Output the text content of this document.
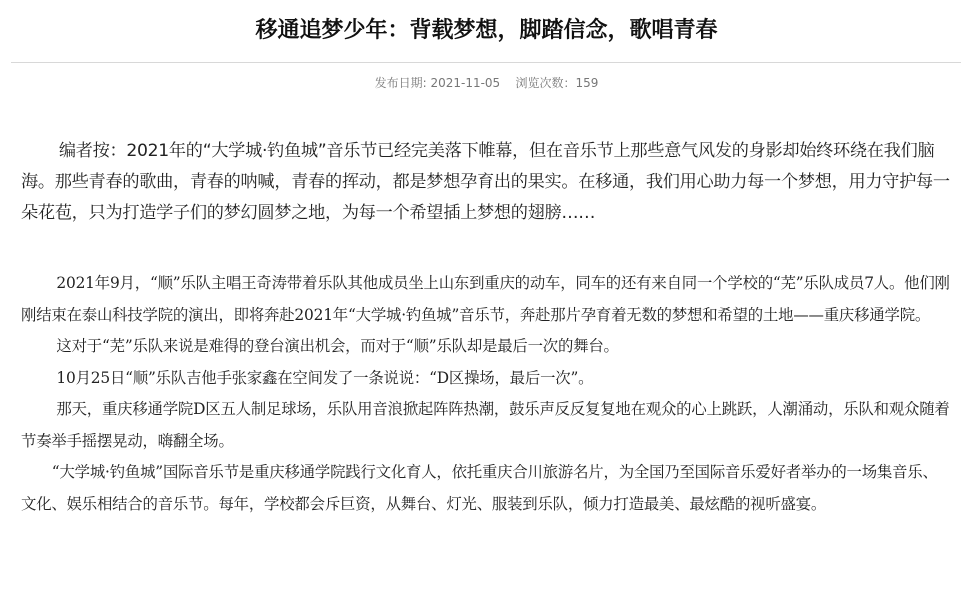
移通追梦少年：背载梦想，脚踏信念，歌唱青春
发布日期: 2021-11-05 浏览次数：159

编者按：2021年的“大学城·钓鱼城”音乐节已经完美落下帷幕，但在音乐节上那些意气风发的身影却始终环绕在我们脑海。那些青春的歌曲，青春的呐喊，青春的挥动，都是梦想孕育出的果实。在移通，我们用心助力每一个梦想，用力守护每一朵花苞，只为打造学子们的梦幻圆梦之地，为每一个希望插上梦想的翅膀……

2021年9月，“顺”乐队主唱王奇涛带着乐队其他成员坐上山东到重庆的动车，同车的还有来自同一个学校的“芜”乐队成员7人。他们刚刚结束在泰山科技学院的演出，即将奔赴2021年“大学城·钓鱼城”音乐节，奔赴那片孕育着无数的梦想和希望的土地——重庆移通学院。

这对于“芜”乐队来说是难得的登台演出机会，而对于“顺”乐队却是最后一次的舞台。

10月25日“顺”乐队吉他手张家鑫在空间发了一条说说：“D区操场，最后一次”。

那天，重庆移通学院D区五人制足球场，乐队用音浪掀起阵阵热潮，鼓乐声反反复复地在观众的心上跳跃，人潮涌动，乐队和观众随着节奏举手摇摆晃动，嗨翻全场。

“大学城·钓鱼城”国际音乐节是重庆移通学院践行文化育人，依托重庆合川旅游名片，为全国乃至国际音乐爱好者举办的一场集音乐、文化、娱乐相结合的音乐节。每年，学校都会斥巨资，从舞台、灯光、服装到乐队，倾力打造最美、最炫酷的视听盛宴。
